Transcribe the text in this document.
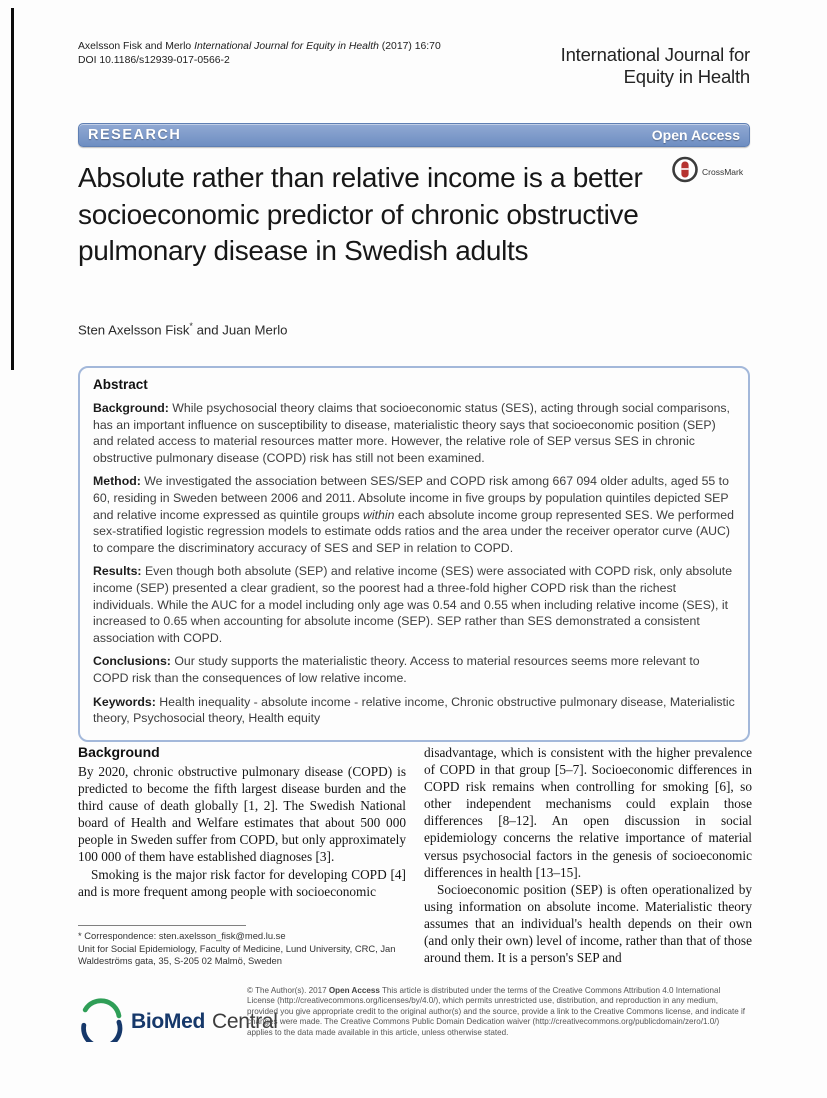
Axelsson Fisk and Merlo International Journal for Equity in Health (2017) 16:70
DOI 10.1186/s12939-017-0566-2	International Journal for
Equity in Health
RESEARCH	Open Access
Absolute rather than relative income is a better socioeconomic predictor of chronic obstructive pulmonary disease in Swedish adults
CrossMark
Sten Axelsson Fisk* and Juan Merlo
Abstract

Background: While psychosocial theory claims that socioeconomic status (SES), acting through social comparisons, has an important influence on susceptibility to disease, materialistic theory says that socioeconomic position (SEP) and related access to material resources matter more. However, the relative role of SEP versus SES in chronic obstructive pulmonary disease (COPD) risk has still not been examined.

Method: We investigated the association between SES/SEP and COPD risk among 667 094 older adults, aged 55 to 60, residing in Sweden between 2006 and 2011. Absolute income in five groups by population quintiles depicted SEP and relative income expressed as quintile groups within each absolute income group represented SES. We performed sex-stratified logistic regression models to estimate odds ratios and the area under the receiver operator curve (AUC) to compare the discriminatory accuracy of SES and SEP in relation to COPD.

Results: Even though both absolute (SEP) and relative income (SES) were associated with COPD risk, only absolute income (SEP) presented a clear gradient, so the poorest had a three-fold higher COPD risk than the richest individuals. While the AUC for a model including only age was 0.54 and 0.55 when including relative income (SES), it increased to 0.65 when accounting for absolute income (SEP). SEP rather than SES demonstrated a consistent association with COPD.

Conclusions: Our study supports the materialistic theory. Access to material resources seems more relevant to COPD risk than the consequences of low relative income.

Keywords: Health inequality - absolute income - relative income, Chronic obstructive pulmonary disease, Materialistic theory, Psychosocial theory, Health equity

Background

By 2020, chronic obstructive pulmonary disease (COPD) is predicted to become the fifth largest disease burden and the third cause of death globally [1, 2]. The Swedish National board of Health and Welfare estimates that about 500 000 people in Sweden suffer from COPD, but only approximately 100 000 of them have established diagnoses [3].

Smoking is the major risk factor for developing COPD [4] and is more frequent among people with socioeconomic

disadvantage, which is consistent with the higher prevalence of COPD in that group [5–7]. Socioeconomic differences in COPD risk remains when controlling for smoking [6], so other independent mechanisms could explain those differences [8–12]. An open discussion in social epidemiology concerns the relative importance of material versus psychosocial factors in the genesis of socioeconomic differences in health [13–15].

Socioeconomic position (SEP) is often operationalized by using information on absolute income. Materialistic theory assumes that an individual's health depends on their own (and only their own) level of income, rather than that of those around them. It is a person's SEP and

* Correspondence: sten.axelsson_fisk@med.lu.se
Unit for Social Epidemiology, Faculty of Medicine, Lund University, CRC, Jan Waldeströms gata, 35, S-205 02 Malmö, Sweden
BioMed Central
© The Author(s). 2017 Open Access This article is distributed under the terms of the Creative Commons Attribution 4.0 International License (http://creativecommons.org/licenses/by/4.0/), which permits unrestricted use, distribution, and reproduction in any medium, provided you give appropriate credit to the original author(s) and the source, provide a link to the Creative Commons license, and indicate if changes were made. The Creative Commons Public Domain Dedication waiver (http://creativecommons.org/publicdomain/zero/1.0/) applies to the data made available in this article, unless otherwise stated.
